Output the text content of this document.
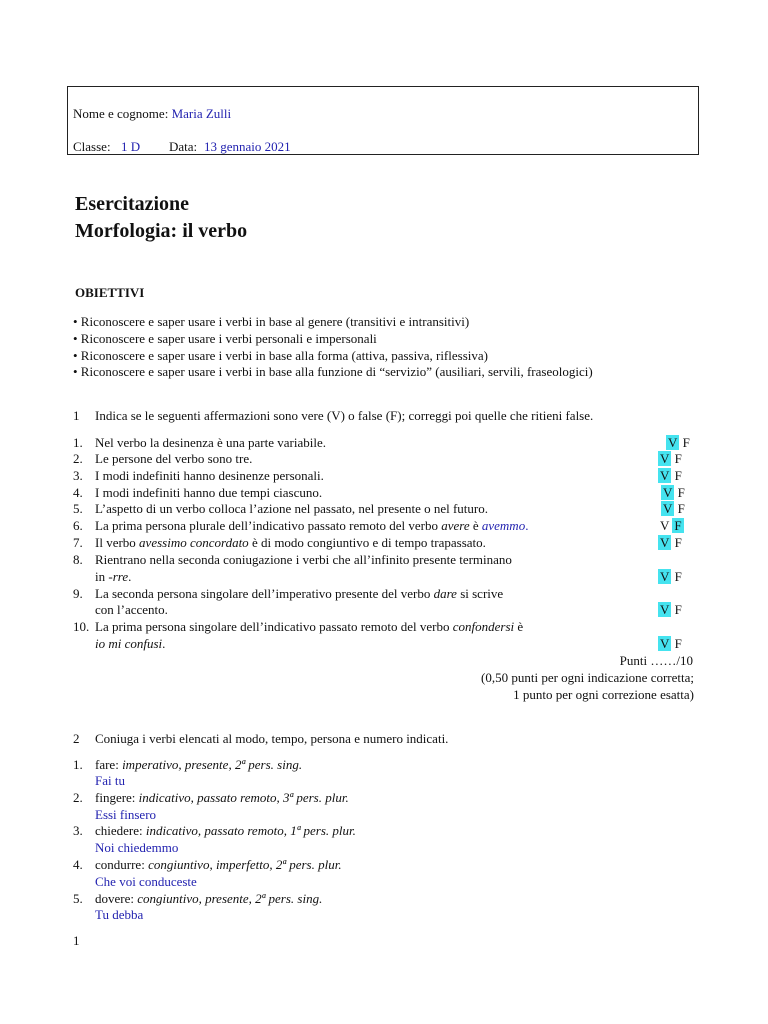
Nome e cognome: Maria Zulli
Classe: 1 D Data: 13 gennaio 2021
Esercitazione
Morfologia: il verbo
OBIETTIVI
• Riconoscere e saper usare i verbi in base al genere (transitivi e intransitivi)
• Riconoscere e saper usare i verbi personali e impersonali
• Riconoscere e saper usare i verbi in base alla forma (attiva, passiva, riflessiva)
• Riconoscere e saper usare i verbi in base alla funzione di “servizio” (ausiliari, servili, fraseologici)
1 Indica se le seguenti affermazioni sono vere (V) o false (F); correggi poi quelle che ritieni false.
1. Nel verbo la desinenza è una parte variabile.	V F
2. Le persone del verbo sono tre.	V F
3. I modi indefiniti hanno desinenze personali.	V F
4. I modi indefiniti hanno due tempi ciascuno.	V F
5. L’aspetto di un verbo colloca l’azione nel passato, nel presente o nel futuro.	V F
6. La prima persona plurale dell’indicativo passato remoto del verbo avere è avemmo.	V F
7. Il verbo avessimo concordato è di modo congiuntivo e di tempo trapassato.	V F
8. Rientrano nella seconda coniugazione i verbi che all’infinito presente terminano
in -rre.	V F
9. La seconda persona singolare dell’imperativo presente del verbo dare si scrive
con l’accento.	V F
10. La prima persona singolare dell’indicativo passato remoto del verbo confondersi è
io mi confusi.	V F
Punti ……/10
(0,50 punti per ogni indicazione corretta;
1 punto per ogni correzione esatta)
2 Coniuga i verbi elencati al modo, tempo, persona e numero indicati.
1. fare: imperativo, presente, 2ª pers. sing.
Fai tu
2. fingere: indicativo, passato remoto, 3ª pers. plur.
Essi finsero
3. chiedere: indicativo, passato remoto, 1ª pers. plur.
Noi chiedemmo
4. condurre: congiuntivo, imperfetto, 2ª pers. plur.
Che voi conduceste
5. dovere: congiuntivo, presente, 2ª pers. sing.
Tu debba
1
